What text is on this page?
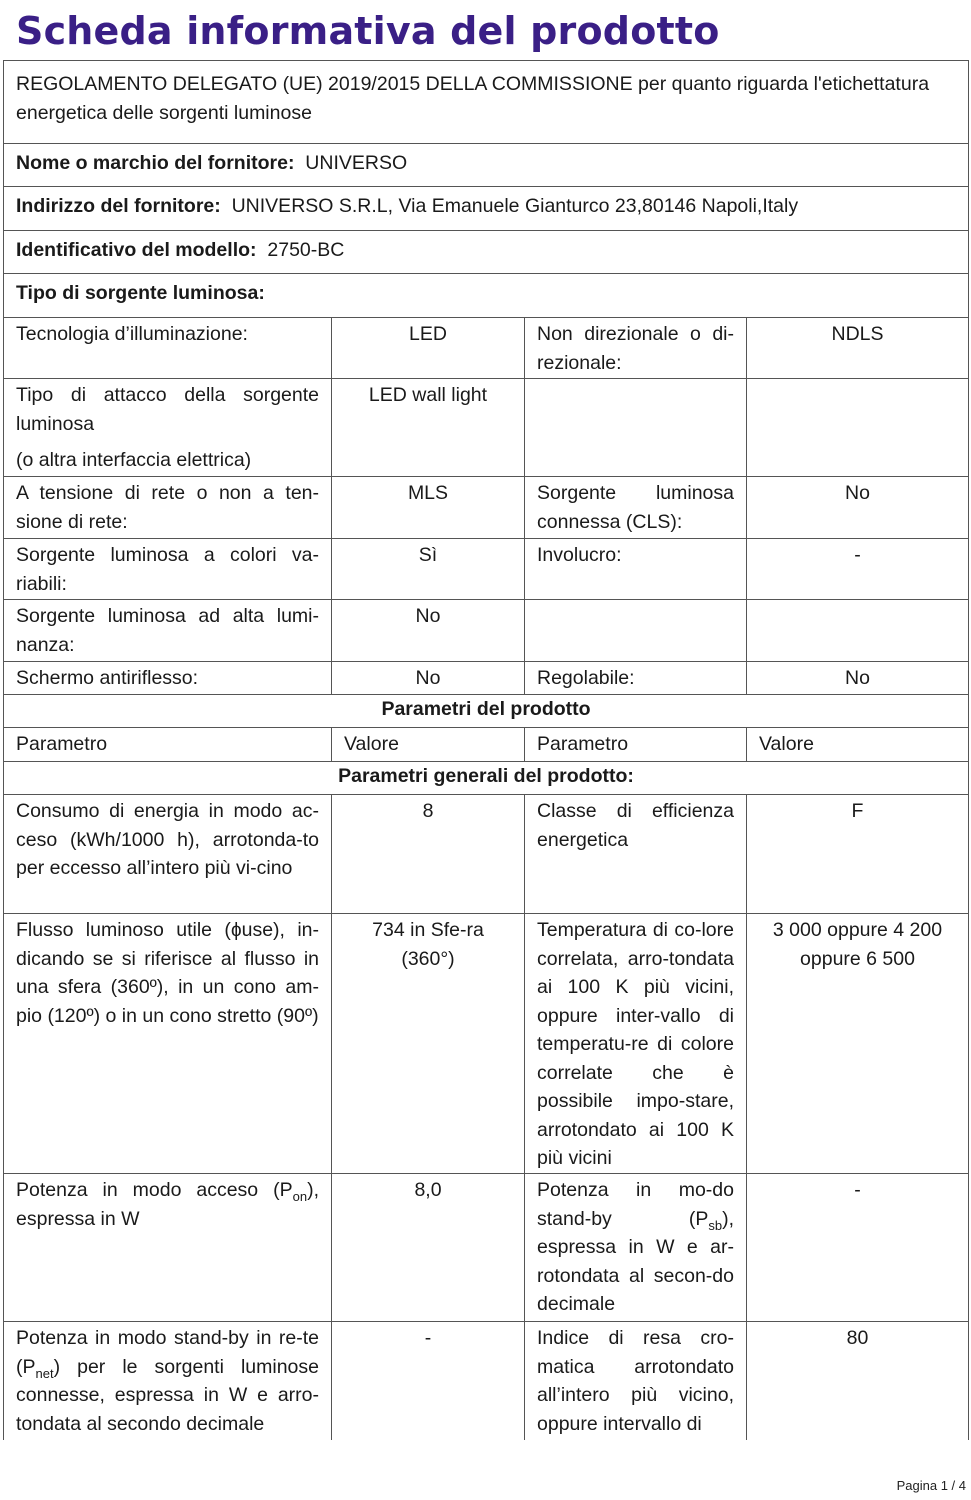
Scheda informativa del prodotto
REGOLAMENTO DELEGATO (UE) 2019/2015 DELLA COMMISSIONE per quanto riguarda l'etichettatura energetica delle sorgenti luminose			
Nome o marchio del fornitore: UNIVERSO			
Indirizzo del fornitore: UNIVERSO S.R.L, Via Emanuele Gianturco 23,80146 Napoli,Italy			
Identificativo del modello: 2750-BC			
Tipo di sorgente luminosa:			
Tecnologia d’illuminazione:	LED	Non direzionale o di-rezionale:	NDLS

Tipo di attacco della sorgente luminosa
(o altra interfaccia elettrica)	LED wall light		
A tensione di rete o non a ten-sione di rete:	MLS	Sorgente luminosa connessa (CLS):	No
Sorgente luminosa a colori va-riabili:	Sì	Involucro:	-
Sorgente luminosa ad alta lumi-nanza:	No		
Schermo antiriflesso:	No	Regolabile:	No
Parametri del prodotto			
Parametro	Valore	Parametro	Valore
Parametri generali del prodotto:			
Consumo di energia in modo ac-ceso (kWh/1000 h), arrotonda-to per eccesso all’intero più vi-cino	8	Classe di efficienza energetica	F
Flusso luminoso utile (ɸuse), in-dicando se si riferisce al flusso in una sfera (360º), in un cono am-pio (120º) o in un cono stretto (90º)	734 in Sfe-ra (360°)	Temperatura di co-lore correlata, arro-tondata ai 100 K più vicini, oppure inter-vallo di temperatu-re di colore correlate che è possibile impo-stare, arrotondato ai 100 K più vicini	3 000 oppure 4 200 oppure 6 500
Potenza in modo acceso $(P_{on})$, espressa in W	8,0	Potenza in mo-do stand-by $(P_{sb})$, espressa in W e ar-rotondata al secon-do decimale	-
Potenza in modo stand-by in re-te $(P_{net})$ per le sorgenti luminose connesse, espressa in W e arro-tondata al secondo decimale	-	Indice di resa cro-matica arrotondato all’intero più vicino, oppure intervallo di	80
Pagina 1 / 4
